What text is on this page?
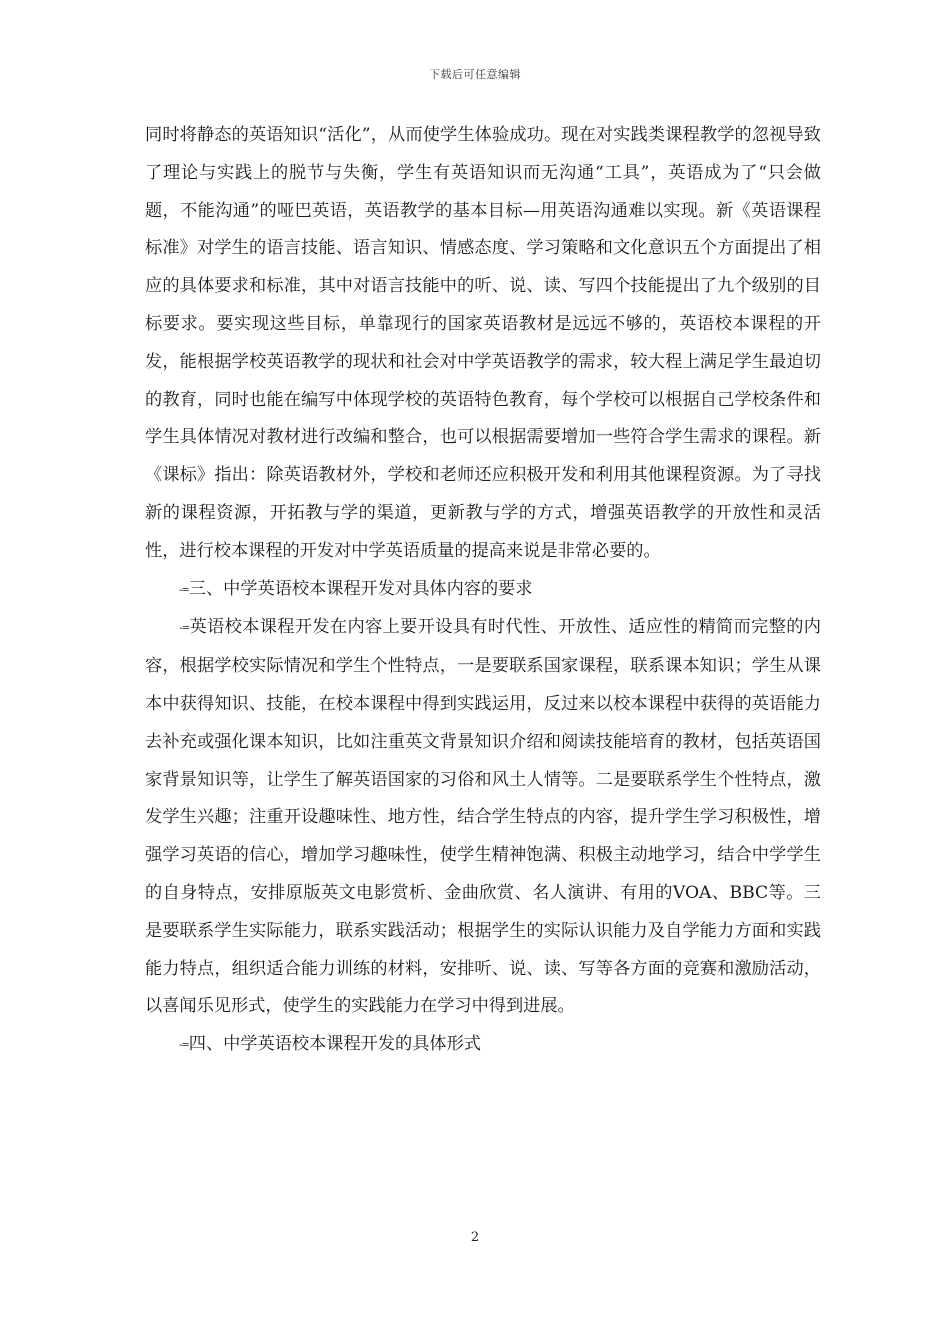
下载后可任意编辑

同时将静态的英语知识“活化”，从而使学生体验成功。现在对实践类课程教学的忽视导致了理论与实践上的脱节与失衡，学生有英语知识而无沟通“工具”，英语成为了“只会做题，不能沟通”的哑巴英语，英语教学的基本目标—用英语沟通难以实现。新《英语课程标准》对学生的语言技能、语言知识、情感态度、学习策略和文化意识五个方面提出了相应的具体要求和标准，其中对语言技能中的听、说、读、写四个技能提出了九个级别的目标要求。要实现这些目标，单靠现行的国家英语教材是远远不够的，英语校本课程的开发，能根据学校英语教学的现状和社会对中学英语教学的需求，较大程上满足学生最迫切的教育，同时也能在编写中体现学校的英语特色教育，每个学校可以根据自己学校条件和学生具体情况对教材进行改编和整合，也可以根据需要增加一些符合学生需求的课程。新《课标》指出：除英语教材外，学校和老师还应积极开发和利用其他课程资源。为了寻找新的课程资源，开拓教与学的渠道，更新教与学的方式，增强英语教学的开放性和灵活性，进行校本课程的开发对中学英语质量的提高来说是非常必要的。

-=三、中学英语校本课程开发对具体内容的要求

-=英语校本课程开发在内容上要开设具有时代性、开放性、适应性的精简而完整的内容，根据学校实际情况和学生个性特点，一是要联系国家课程，联系课本知识；学生从课本中获得知识、技能，在校本课程中得到实践运用，反过来以校本课程中获得的英语能力去补充或强化课本知识，比如注重英文背景知识介绍和阅读技能培育的教材，包括英语国家背景知识等，让学生了解英语国家的习俗和风土人情等。二是要联系学生个性特点，激发学生兴趣；注重开设趣味性、地方性，结合学生特点的内容，提升学生学习积极性，增强学习英语的信心，增加学习趣味性，使学生精神饱满、积极主动地学习，结合中学学生的自身特点，安排原版英文电影赏析、金曲欣赏、名人演讲、有用的VOA、BBC等。三是要联系学生实际能力，联系实践活动；根据学生的实际认识能力及自学能力方面和实践能力特点，组织适合能力训练的材料，安排听、说、读、写等各方面的竞赛和激励活动，以喜闻乐见形式，使学生的实践能力在学习中得到进展。

-=四、中学英语校本课程开发的具体形式

2
